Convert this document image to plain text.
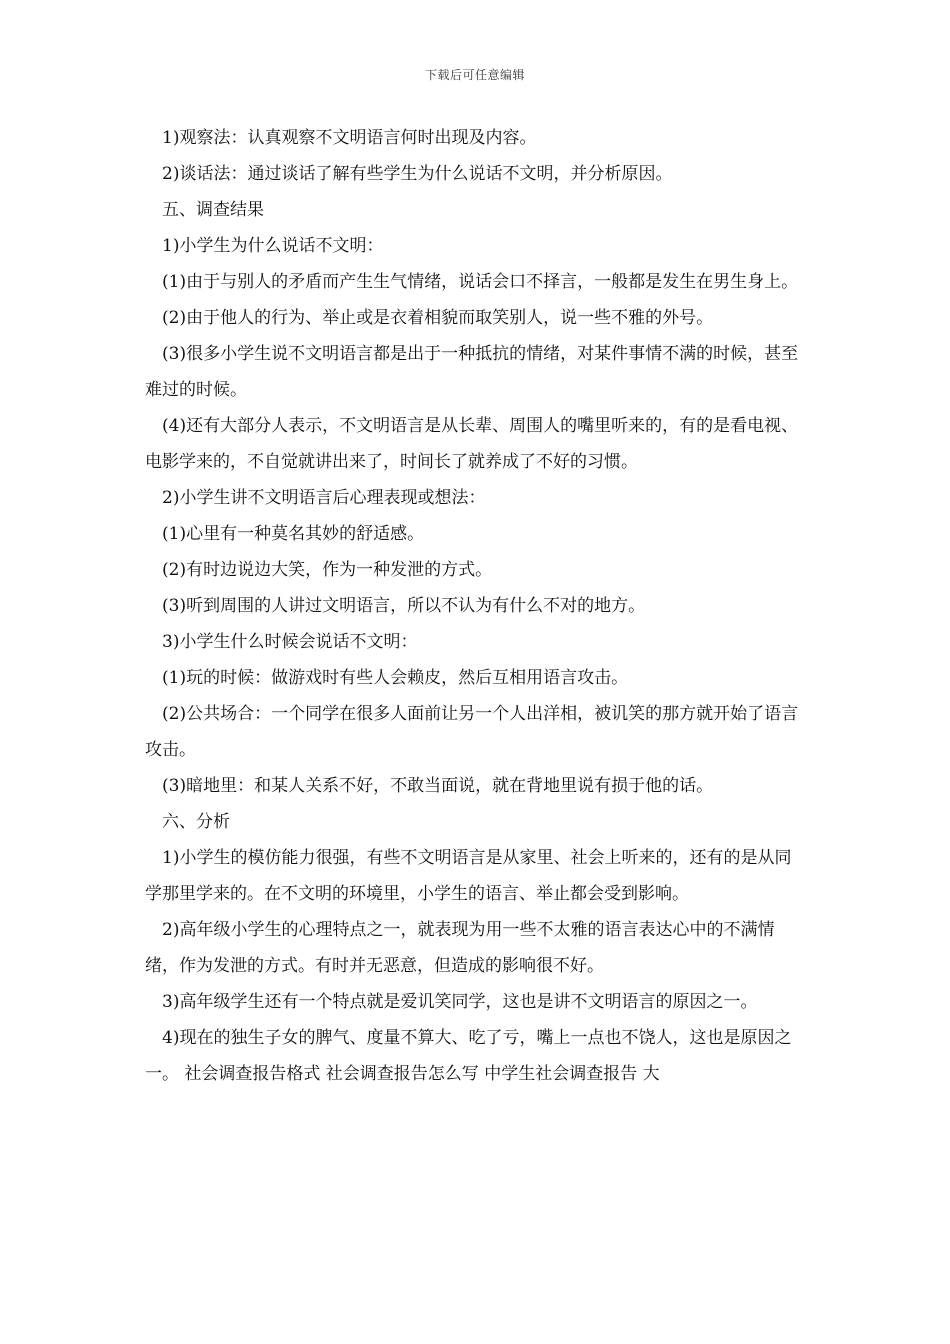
下载后可任意编辑

1)观察法：认真观察不文明语言何时出现及内容。

2)谈话法：通过谈话了解有些学生为什么说话不文明，并分析原因。

五、调查结果

1)小学生为什么说话不文明：

(1)由于与别人的矛盾而产生生气情绪，说话会口不择言，一般都是发生在男生身上。

(2)由于他人的行为、举止或是衣着相貌而取笑别人，说一些不雅的外号。

(3)很多小学生说不文明语言都是出于一种抵抗的情绪，对某件事情不满的时候，甚至难过的时候。

(4)还有大部分人表示，不文明语言是从长辈、周围人的嘴里听来的，有的是看电视、电影学来的，不自觉就讲出来了，时间长了就养成了不好的习惯。

2)小学生讲不文明语言后心理表现或想法：

(1)心里有一种莫名其妙的舒适感。

(2)有时边说边大笑，作为一种发泄的方式。

(3)听到周围的人讲过文明语言，所以不认为有什么不对的地方。

3)小学生什么时候会说话不文明：

(1)玩的时候：做游戏时有些人会赖皮，然后互相用语言攻击。

(2)公共场合：一个同学在很多人面前让另一个人出洋相，被讥笑的那方就开始了语言攻击。

(3)暗地里：和某人关系不好，不敢当面说，就在背地里说有损于他的话。

六、分析

1)小学生的模仿能力很强，有些不文明语言是从家里、社会上听来的，还有的是从同学那里学来的。在不文明的环境里，小学生的语言、举止都会受到影响。

2)高年级小学生的心理特点之一，就表现为用一些不太雅的语言表达心中的不满情绪，作为发泄的方式。有时并无恶意，但造成的影响很不好。

3)高年级学生还有一个特点就是爱讥笑同学，这也是讲不文明语言的原因之一。

4)现在的独生子女的脾气、度量不算大、吃了亏，嘴上一点也不饶人，这也是原因之一。 社会调查报告格式 社会调查报告怎么写 中学生社会调查报告 大
